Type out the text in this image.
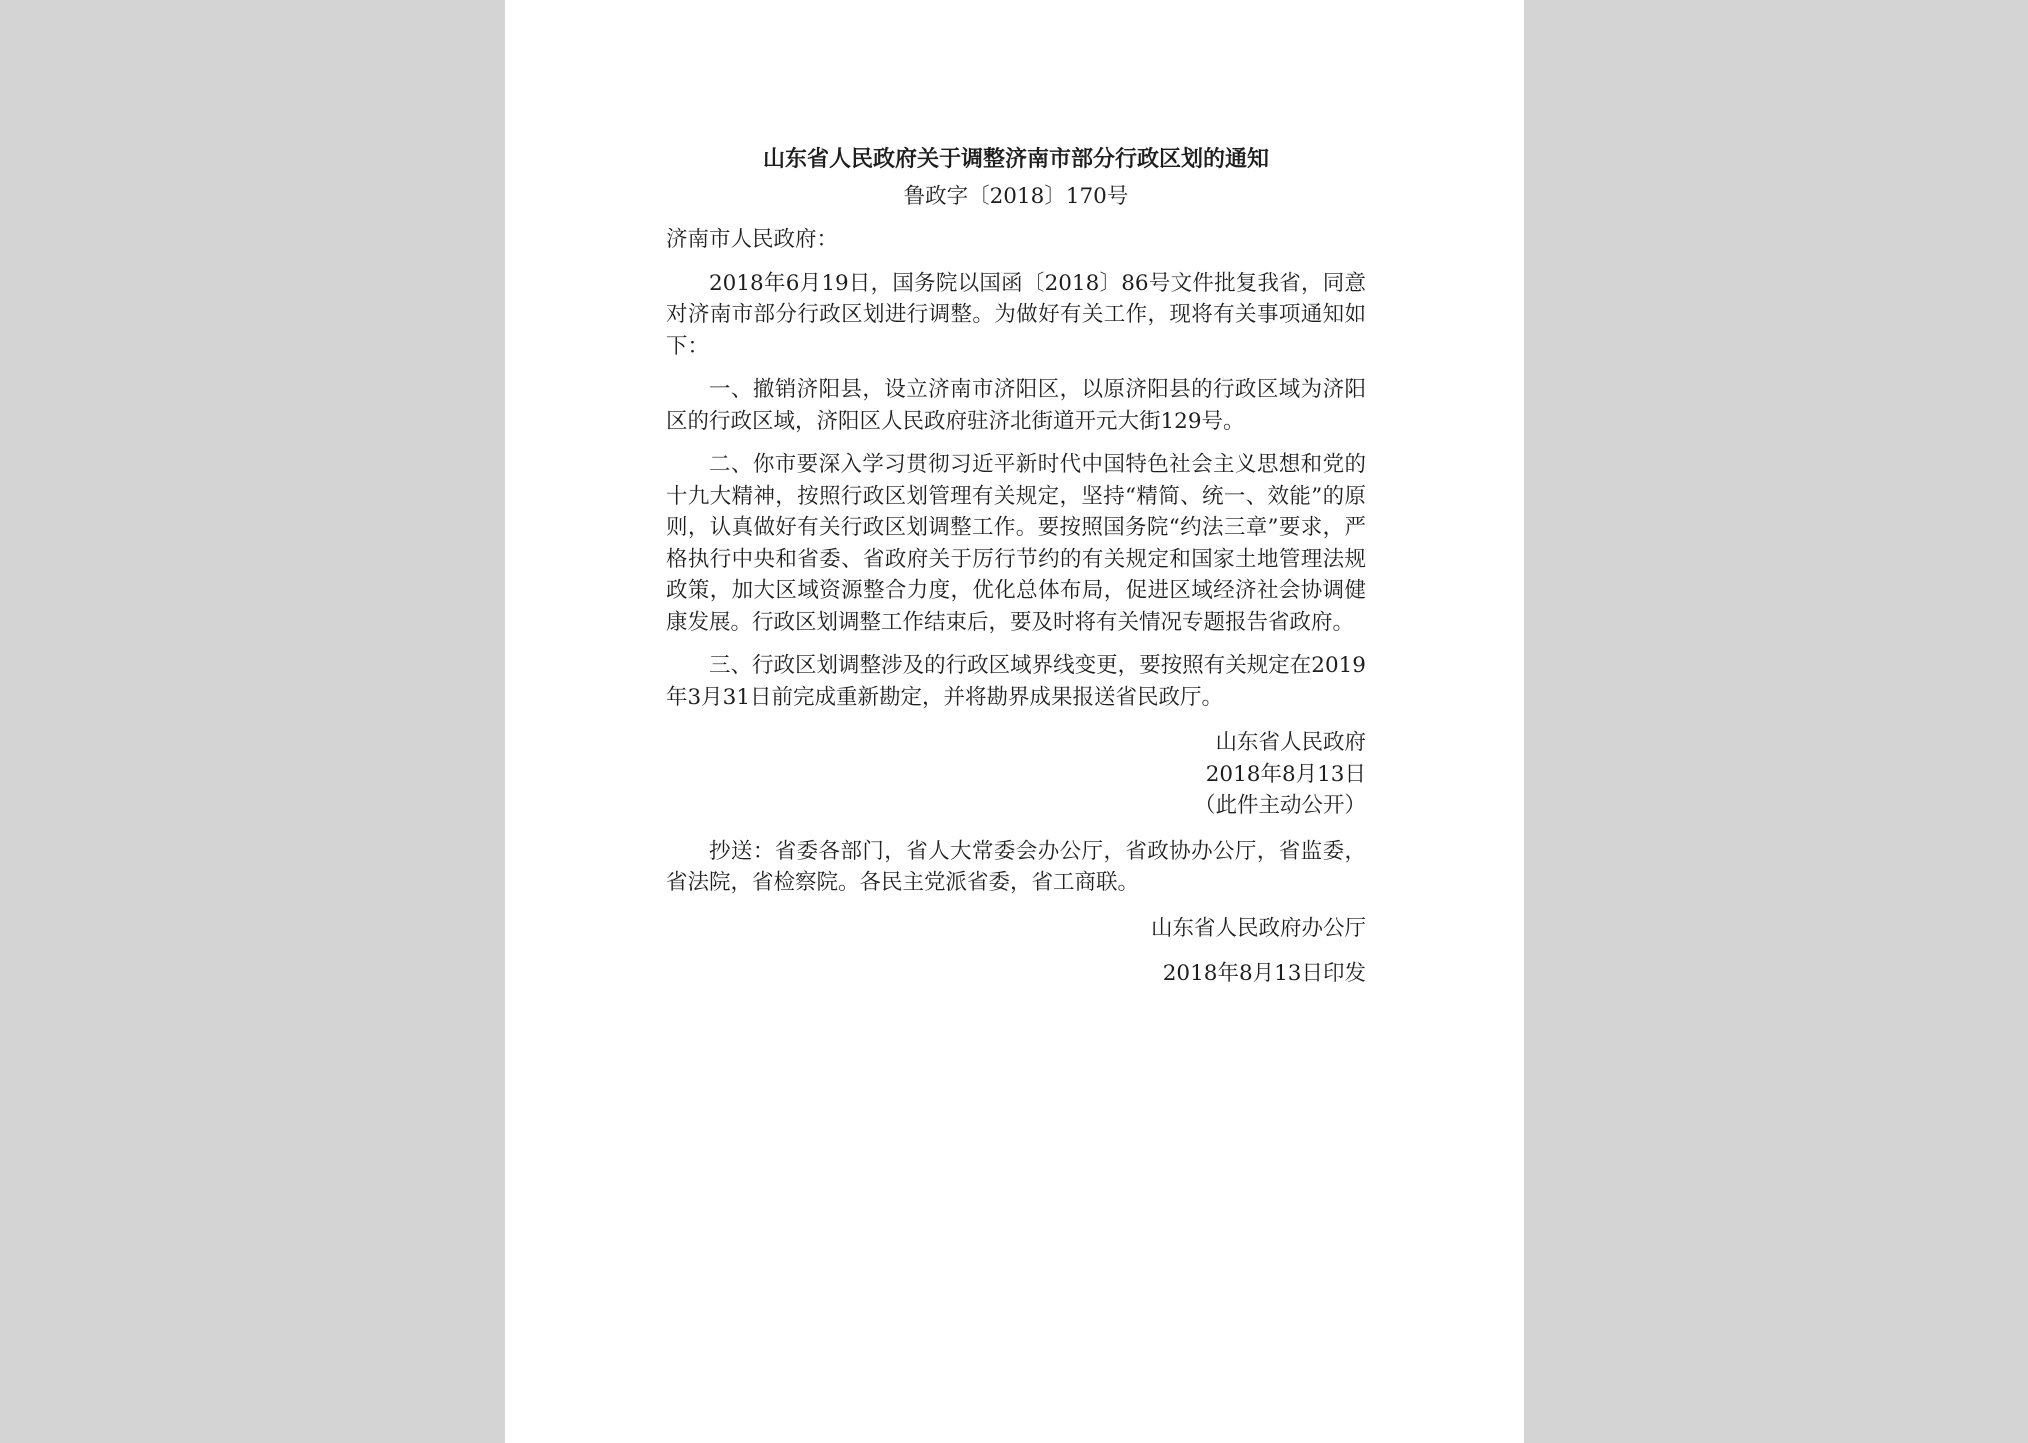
山东省人民政府关于调整济南市部分行政区划的通知

鲁政字〔2018〕170号

济南市人民政府：

2018年6月19日，国务院以国函〔2018〕86号文件批复我省，同意对济南市部分行政区划进行调整。为做好有关工作，现将有关事项通知如下：

一、撤销济阳县，设立济南市济阳区，以原济阳县的行政区域为济阳区的行政区域，济阳区人民政府驻济北街道开元大街129号。

二、你市要深入学习贯彻习近平新时代中国特色社会主义思想和党的十九大精神，按照行政区划管理有关规定，坚持“精简、统一、效能”的原则，认真做好有关行政区划调整工作。要按照国务院“约法三章”要求，严格执行中央和省委、省政府关于厉行节约的有关规定和国家土地管理法规政策，加大区域资源整合力度，优化总体布局，促进区域经济社会协调健康发展。行政区划调整工作结束后，要及时将有关情况专题报告省政府。

三、行政区划调整涉及的行政区域界线变更，要按照有关规定在2019年3月31日前完成重新勘定，并将勘界成果报送省民政厅。

山东省人民政府

2018年8月13日

（此件主动公开）

抄送：省委各部门，省人大常委会办公厅，省政协办公厅，省监委，省法院，省检察院。各民主党派省委，省工商联。

山东省人民政府办公厅

2018年8月13日印发
